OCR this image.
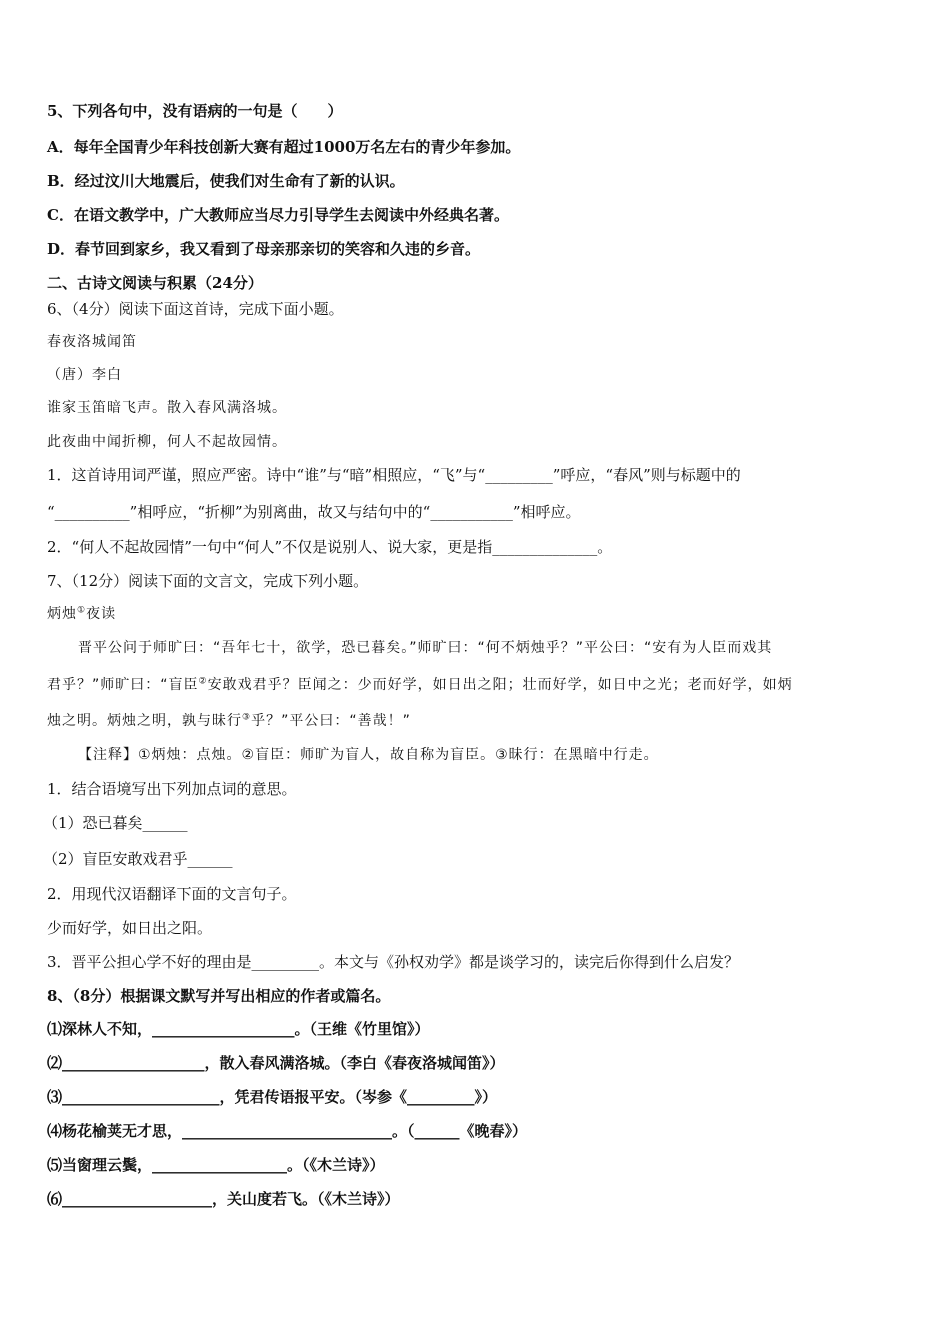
5、下列各句中，没有语病的一句是（　　）
A．每年全国青少年科技创新大赛有超过1000万名左右的青少年参加。
B．经过汶川大地震后，使我们对生命有了新的认识。
C．在语文教学中，广大教师应当尽力引导学生去阅读中外经典名著。
D．春节回到家乡，我又看到了母亲那亲切的笑容和久违的乡音。
二、古诗文阅读与积累（24分）
6、（4分）阅读下面这首诗，完成下面小题。
春夜洛城闻笛
（唐）李白
谁家玉笛暗飞声。散入春风满洛城。
此夜曲中闻折柳，何人不起故园情。
1．这首诗用词严谨，照应严密。诗中“谁”与“暗”相照应，“飞”与“_________”呼应，“春风”则与标题中的
“__________”相呼应，“折柳”为别离曲，故又与结句中的“___________”相呼应。
2．“何人不起故园情”一句中“何人”不仅是说别人、说大家，更是指______________。
7、（12分）阅读下面的文言文，完成下列小题。
炳烛①夜读
晋平公问于师旷曰：“吾年七十，欲学，恐已暮矣。”师旷曰：“何不炳烛乎？”平公曰：“安有为人臣而戏其
君乎？”师旷曰：“盲臣②安敢戏君乎？臣闻之：少而好学，如日出之阳；壮而好学，如日中之光；老而好学，如炳
烛之明。炳烛之明，孰与昧行③乎？”平公曰：“善哉！”
【注释】①炳烛：点烛。②盲臣：师旷为盲人，故自称为盲臣。③昧行：在黑暗中行走。
1．结合语境写出下列加点词的意思。
（1）恐已暮矣______
（2）盲臣安敢戏君乎______
2．用现代汉语翻译下面的文言句子。
少而好学，如日出之阳。
3．晋平公担心学不好的理由是_________。本文与《孙权劝学》都是谈学习的，读完后你得到什么启发？
8、（8分）根据课文默写并写出相应的作者或篇名。
⑴深林人不知，___________________。（王维《竹里馆》）
⑵___________________，散入春风满洛城。（李白《春夜洛城闻笛》）
⑶_____________________，凭君传语报平安。（岑参《_________》）
⑷杨花榆荚无才思，____________________________。（______《晚春》）
⑸当窗理云鬓，__________________。（《木兰诗》）
⑹____________________，关山度若飞。（《木兰诗》）
